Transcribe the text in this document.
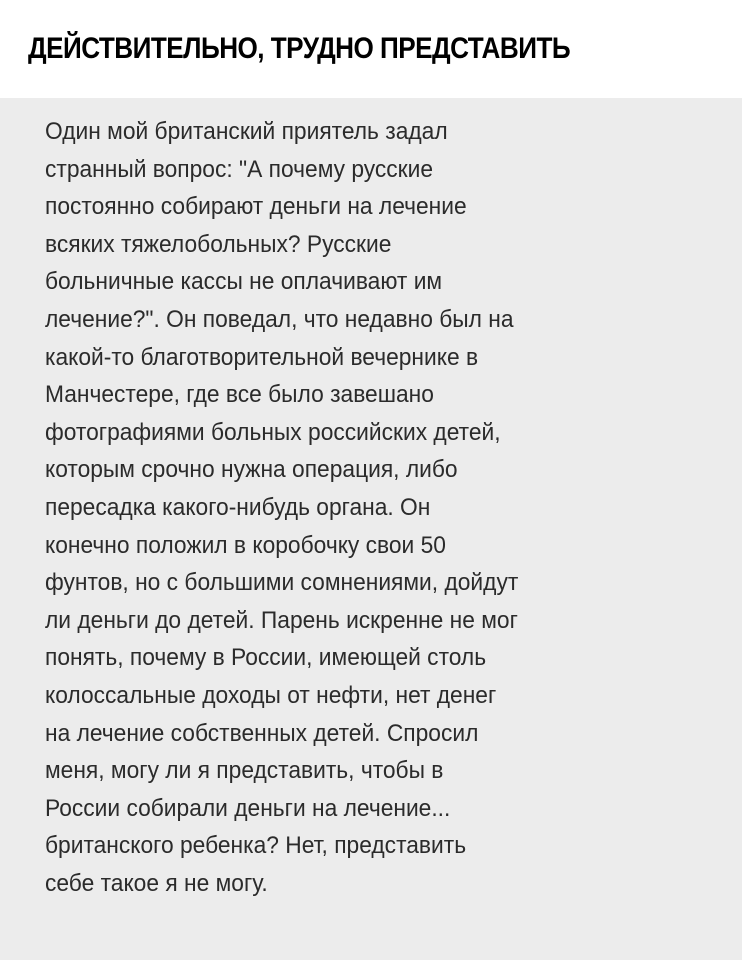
ДЕЙСТВИТЕЛЬНО, ТРУДНО ПРЕДСТАВИТЬ

Один мой британский приятель задал
странный вопрос: "А почему русские
постоянно собирают деньги на лечение
всяких тяжелобольных? Русские
больничные кассы не оплачивают им
лечение?". Он поведал, что недавно был на
какой-то благотворительной вечернике в
Манчестере, где все было завешано
фотографиями больных российских детей,
которым срочно нужна операция, либо
пересадка какого-нибудь органа. Он
конечно положил в коробочку свои 50
фунтов, но с большими сомнениями, дойдут
ли деньги до детей. Парень искренне не мог
понять, почему в России, имеющей столь
колоссальные доходы от нефти, нет денег
на лечение собственных детей. Спросил
меня, могу ли я представить, чтобы в
России собирали деньги на лечение...
британского ребенка? Нет, представить
себе такое я не могу.
